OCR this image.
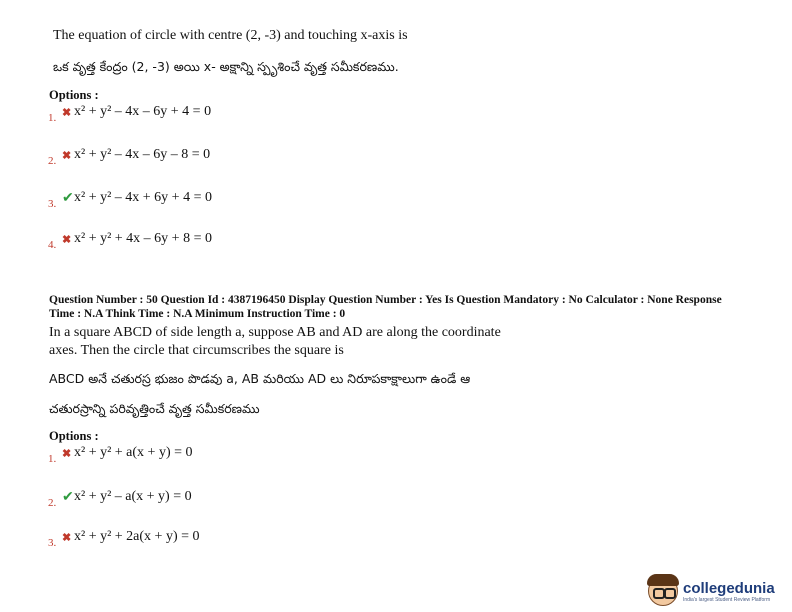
The equation of circle with centre (2, -3) and touching x-axis is
ఒక వృత్త కేంద్రం (2, -3) అయి x- అక్షాన్ని స్పృశించే వృత్త సమీకరణము.
Options :
1. ✖ x² + y² – 4x – 6y + 4 = 0
2. ✖ x² + y² – 4x – 6y – 8 = 0
3. ✔ x² + y² – 4x + 6y + 4 = 0
4. ✖ x² + y² + 4x – 6y + 8 = 0
Question Number : 50 Question Id : 4387196450 Display Question Number : Yes Is Question Mandatory : No Calculator : None Response
Time : N.A Think Time : N.A Minimum Instruction Time : 0
In a square ABCD of side length a, suppose AB and AD are along the coordinate
axes. Then the circle that circumscribes the square is
ABCD అనే చతురస్ర భుజం పొడవు a, AB మరియు AD లు నిరూపకాక్షాలుగా ఉండే ఆ
చతురస్రాన్ని పరివృత్తించే వృత్త సమీకరణము
Options :
1. ✖ x² + y² + a(x + y) = 0
2. ✔ x² + y² – a(x + y) = 0
3. ✖ x² + y² + 2a(x + y) = 0
collegedunia
India's largest Student Review Platform
